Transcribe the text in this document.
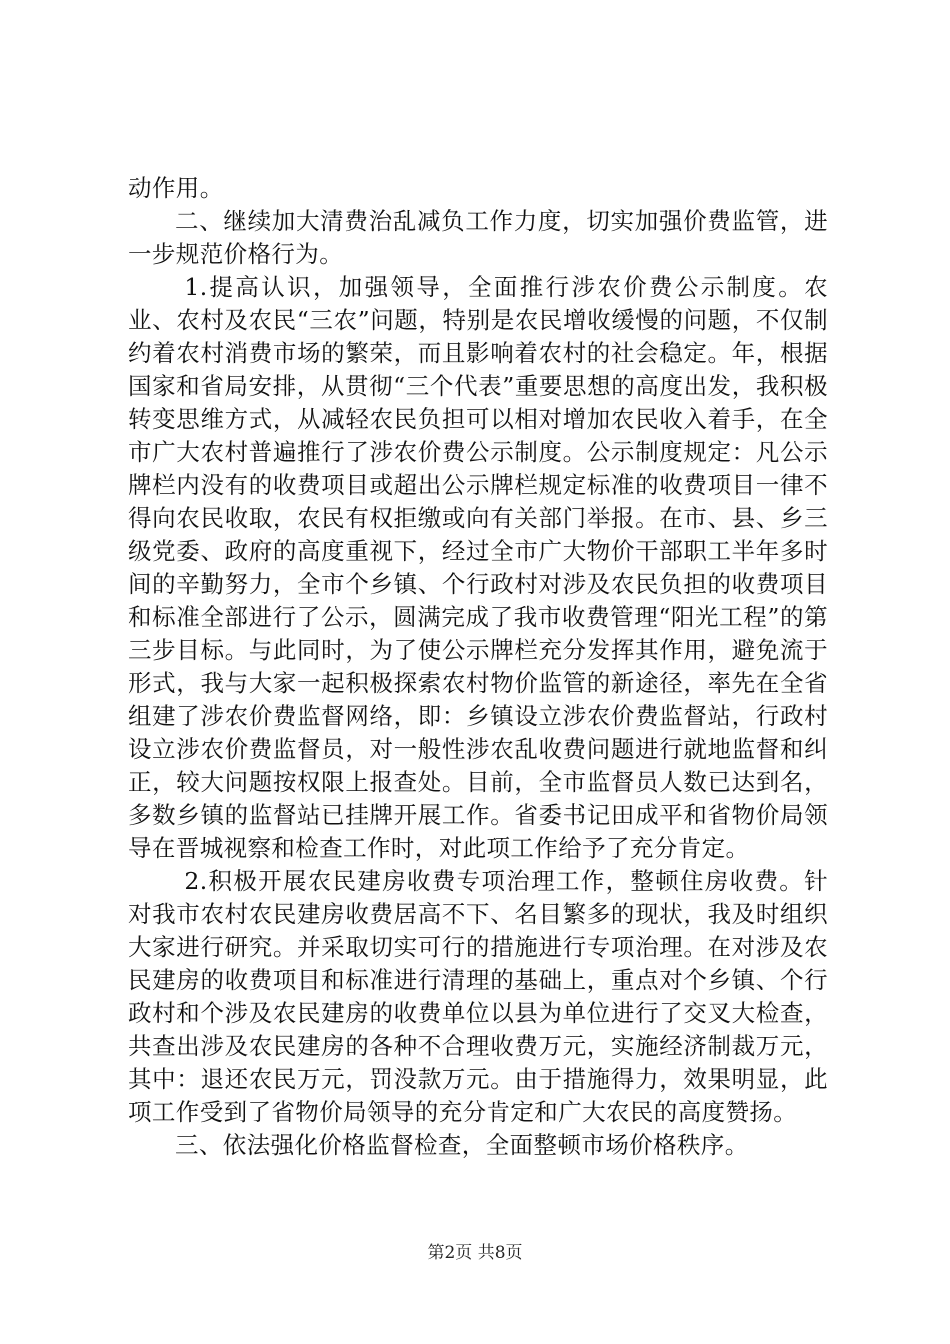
动作用。

二、继续加大清费治乱减负工作力度，切实加强价费监管，进一步规范价格行为。

1.提高认识，加强领导，全面推行涉农价费公示制度。农业、农村及农民“三农”问题，特别是农民增收缓慢的问题，不仅制约着农村消费市场的繁荣，而且影响着农村的社会稳定。年，根据国家和省局安排，从贯彻“三个代表”重要思想的高度出发，我积极转变思维方式，从减轻农民负担可以相对增加农民收入着手，在全市广大农村普遍推行了涉农价费公示制度。公示制度规定：凡公示牌栏内没有的收费项目或超出公示牌栏规定标准的收费项目一律不得向农民收取，农民有权拒缴或向有关部门举报。在市、县、乡三级党委、政府的高度重视下，经过全市广大物价干部职工半年多时间的辛勤努力，全市个乡镇、个行政村对涉及农民负担的收费项目和标准全部进行了公示，圆满完成了我市收费管理“阳光工程”的第三步目标。与此同时，为了使公示牌栏充分发挥其作用，避免流于形式，我与大家一起积极探索农村物价监管的新途径，率先在全省组建了涉农价费监督网络，即：乡镇设立涉农价费监督站，行政村设立涉农价费监督员，对一般性涉农乱收费问题进行就地监督和纠正，较大问题按权限上报查处。目前，全市监督员人数已达到名，多数乡镇的监督站已挂牌开展工作。省委书记田成平和省物价局领导在晋城视察和检查工作时，对此项工作给予了充分肯定。

2.积极开展农民建房收费专项治理工作，整顿住房收费。针对我市农村农民建房收费居高不下、名目繁多的现状，我及时组织大家进行研究。并采取切实可行的措施进行专项治理。在对涉及农民建房的收费项目和标准进行清理的基础上，重点对个乡镇、个行政村和个涉及农民建房的收费单位以县为单位进行了交叉大检查，共查出涉及农民建房的各种不合理收费万元，实施经济制裁万元，其中：退还农民万元，罚没款万元。由于措施得力，效果明显，此项工作受到了省物价局领导的充分肯定和广大农民的高度赞扬。

三、依法强化价格监督检查，全面整顿市场价格秩序。

第2页 共8页
